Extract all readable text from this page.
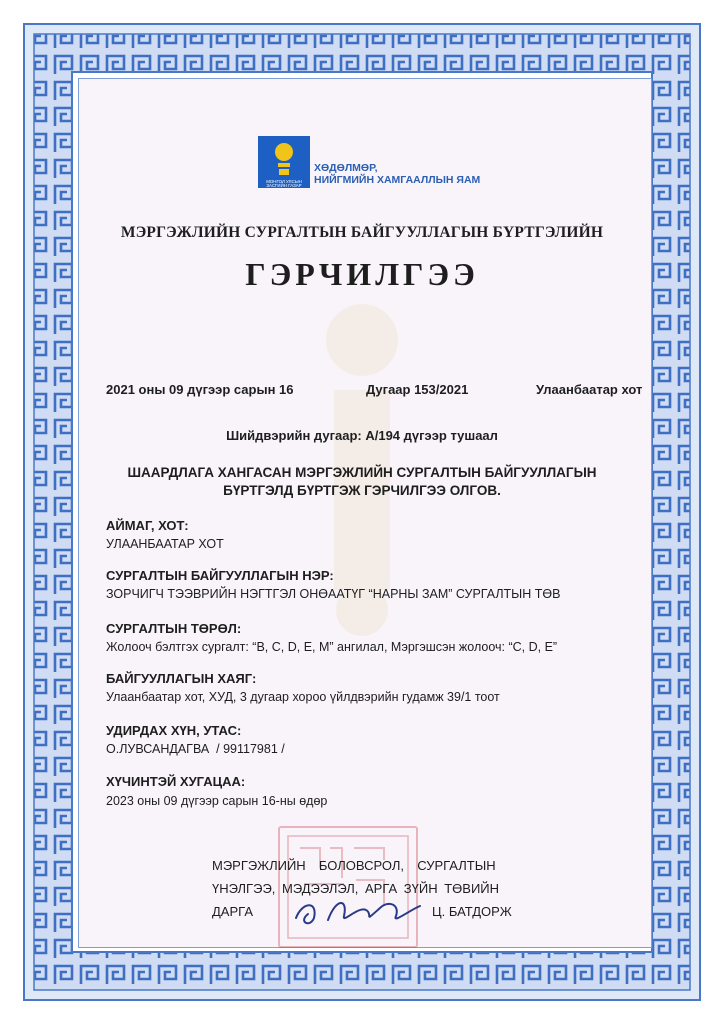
МОНГОЛ УЛСЫН
ЗАСГИЙН ГАЗАР
ХӨДӨЛМӨР,
НИЙГМИЙН ХАМГААЛЛЫН ЯАМ
МЭРГЭЖЛИЙН СУРГАЛТЫН БАЙГУУЛЛАГЫН БҮРТГЭЛИЙН
ГЭРЧИЛГЭЭ
2021 оны 09 дүгээр сарын 16	Дугаар 153/2021	Улаанбаатар хот
Шийдвэрийн дугаар: А/194 дүгээр тушаал
ШААРДЛАГА ХАНГАСАН МЭРГЭЖЛИЙН СУРГАЛТЫН БАЙГУУЛЛАГЫН
БҮРТГЭЛД БҮРТГЭЖ ГЭРЧИЛГЭЭ ОЛГОВ.
АЙМАГ, ХОТ:
УЛААНБААТАР ХОТ
СУРГАЛТЫН БАЙГУУЛЛАГЫН НЭР:
ЗОРЧИГЧ ТЭЭВРИЙН НЭГТГЭЛ ОНӨААТҮГ “НАРНЫ ЗАМ” СУРГАЛТЫН ТӨВ
СУРГАЛТЫН ТӨРӨЛ:
Жолооч бэлтгэх сургалт: “B, C, D, E, M” ангилал, Мэргэшсэн жолооч: “C, D, E”
БАЙГУУЛЛАГЫН ХАЯГ:
Улаанбаатар хот, ХУД, 3 дугаар хороо үйлдвэрийн гудамж 39/1 тоот
УДИРДАХ ХҮН, УТАС:
О.ЛУВСАНДАГВА  / 99117981 /
ХҮЧИНТЭЙ ХУГАЦАА:
2023 оны 09 дүгээр сарын 16-ны өдөр
МЭРГЭЖЛИЙН  БОЛОВСРОЛ,  СУРГАЛТЫН
ҮНЭЛГЭЭ, МЭДЭЭЛЭЛ, АРГА ЗҮЙН ТӨВИЙН
ДАРГА	Ц. БАТДОРЖ
